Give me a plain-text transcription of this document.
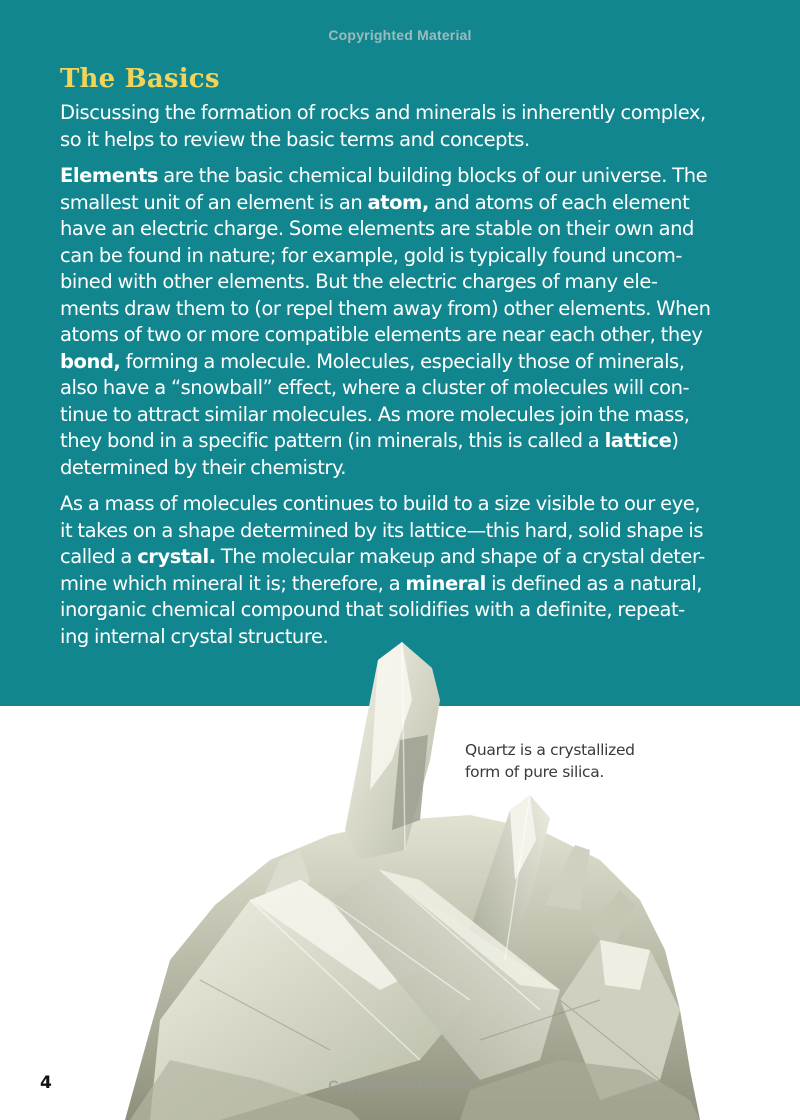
Copyrighted Material
The Basics

Discussing the formation of rocks and minerals is inherently complex,
so it helps to review the basic terms and concepts.

Elements are the basic chemical building blocks of our universe. The
smallest unit of an element is an atom, and atoms of each element
have an electric charge. Some elements are stable on their own and
can be found in nature; for example, gold is typically found uncom-
bined with other elements. But the electric charges of many ele-
ments draw them to (or repel them away from) other elements. When
atoms of two or more compatible elements are near each other, they
bond, forming a molecule. Molecules, especially those of minerals,
also have a “snowball” effect, where a cluster of molecules will con-
tinue to attract similar molecules. As more molecules join the mass,
they bond in a specific pattern (in minerals, this is called a lattice)
determined by their chemistry.

As a mass of molecules continues to build to a size visible to our eye,
it takes on a shape determined by its lattice—this hard, solid shape is
called a crystal. The molecular makeup and shape of a crystal deter-
mine which mineral it is; therefore, a mineral is defined as a natural,
inorganic chemical compound that solidifies with a definite, repeat-
ing internal crystal structure.

Quartz is a crystallized
form of pure silica.
4	Copyrighted Material
